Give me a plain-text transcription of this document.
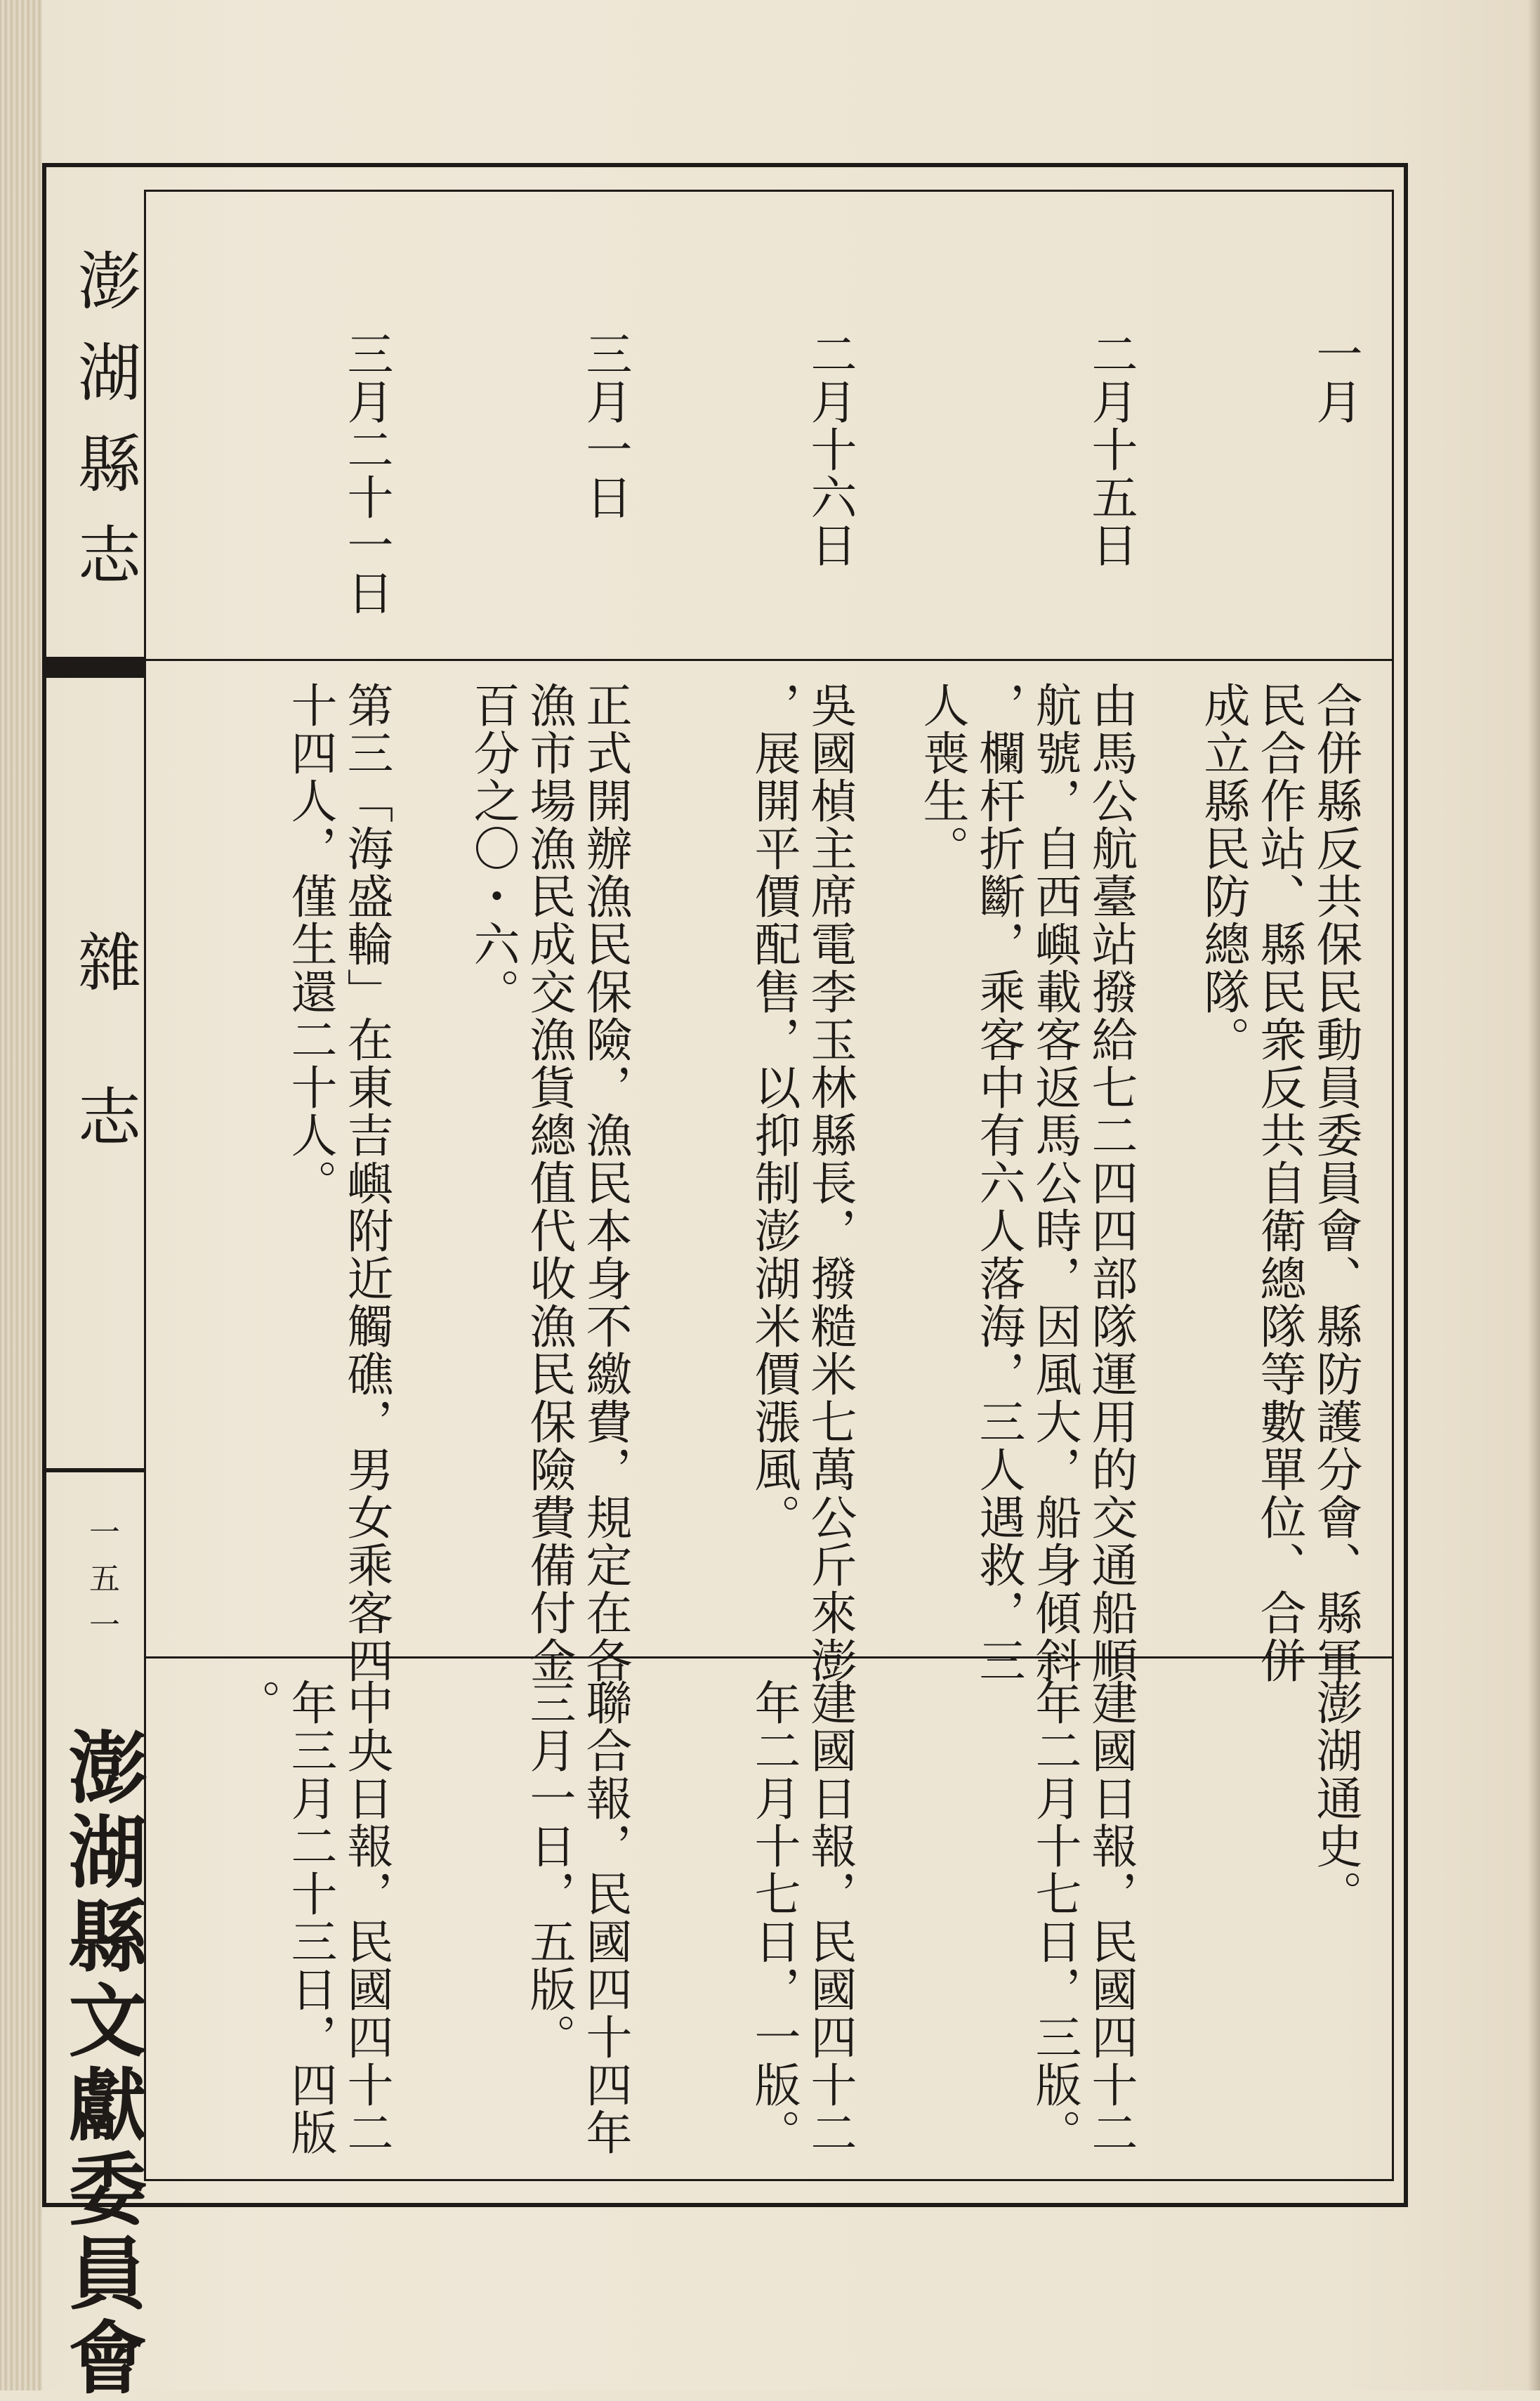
澎湖縣志
雜志
一五一
澎湖縣文獻委員會
一月
合併縣反共保民動員委員會、縣防護分會、縣軍
民合作站、縣民衆反共自衛總隊等數單位、合併
成立縣民防總隊。
澎湖通史。
二月十五日
由馬公航臺站撥給七二四四部隊運用的交通船順
航號，自西嶼載客返馬公時，因風大，船身傾斜
，欄杆折斷，乘客中有六人落海，三人遇救，三
人喪生。
建國日報，民國四十二
年二月十七日，三版。
二月十六日
吳國楨主席電李玉林縣長，撥糙米七萬公斤來澎
，展開平價配售，以抑制澎湖米價漲風。
建國日報，民國四十二
年二月十七日，一版。
三月一日
正式開辦漁民保險，漁民本身不繳費，規定在各
漁市場漁民成交漁貨總值代收漁民保險費備付金
百分之〇・六。
聯合報，民國四十四年
三月一日，五版。
三月二十一日
第三「海盛輪」在東吉嶼附近觸礁，男女乘客四
十四人，僅生還二十人。
中央日報，民國四十二
年三月二十三日，四版
。
